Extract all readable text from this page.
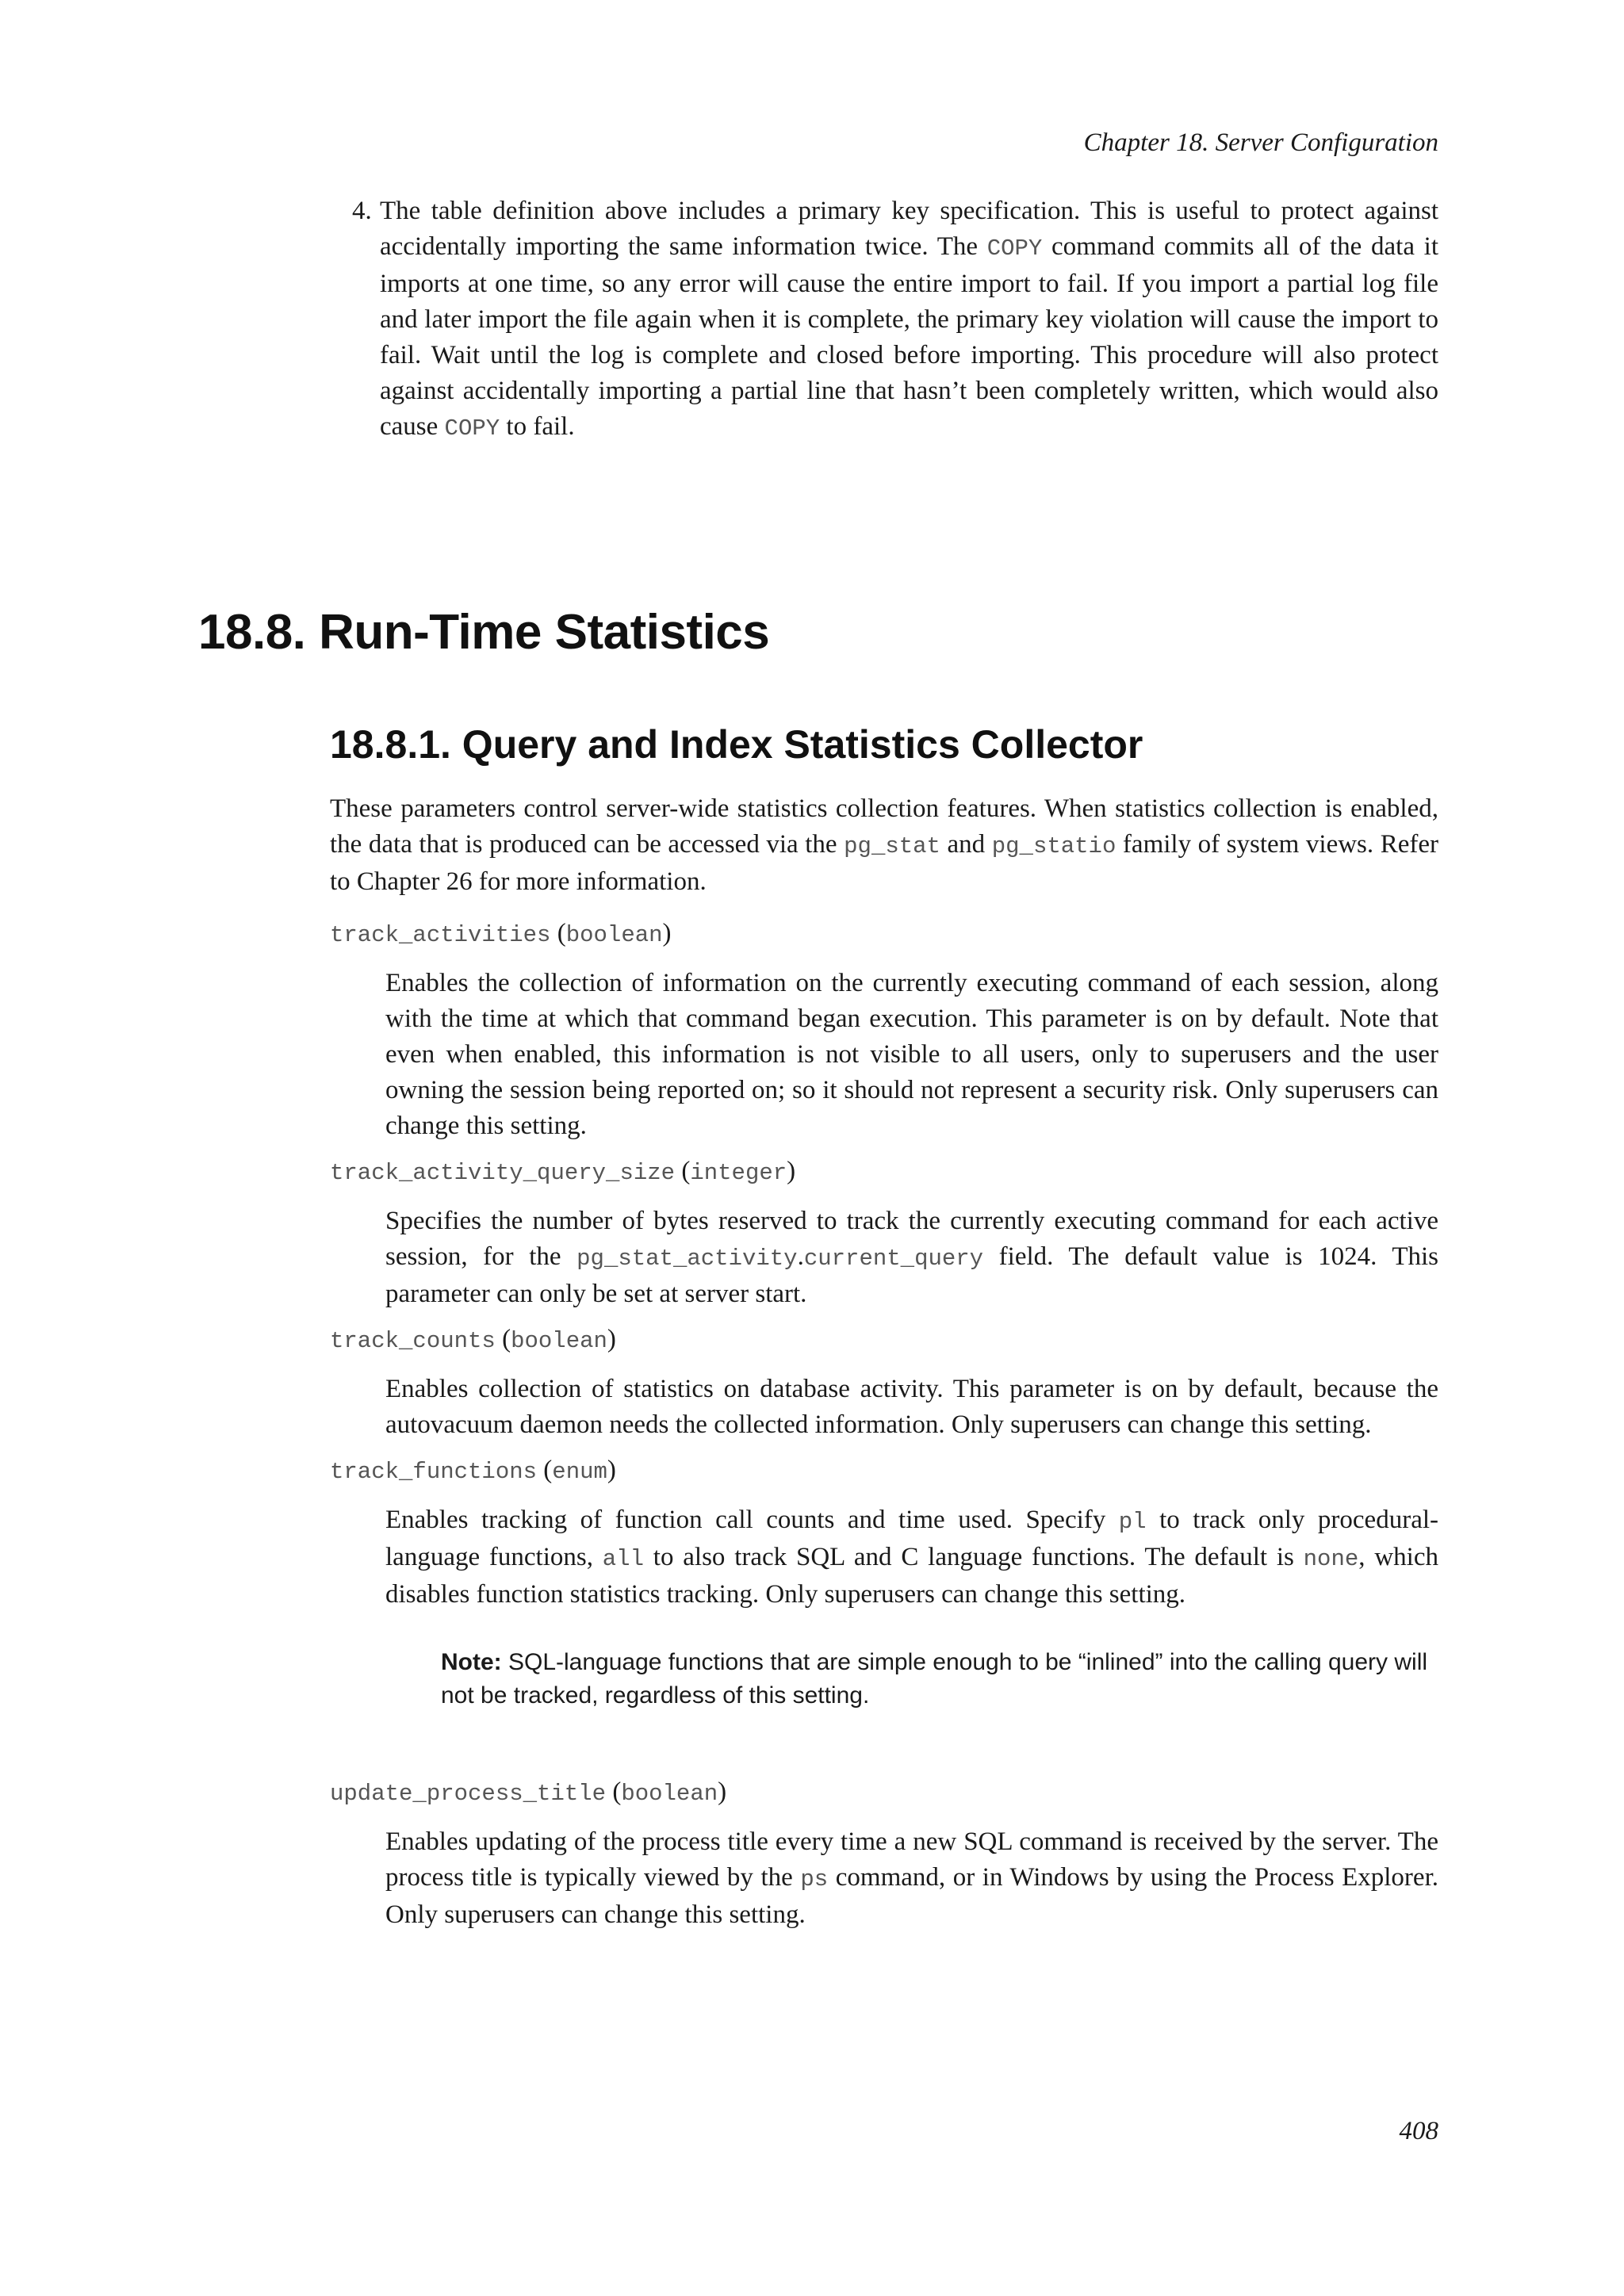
Chapter 18. Server Configuration
4. The table definition above includes a primary key specification. This is useful to protect against accidentally importing the same information twice. The COPY command commits all of the data it imports at one time, so any error will cause the entire import to fail. If you import a partial log file and later import the file again when it is complete, the primary key violation will cause the import to fail. Wait until the log is complete and closed before importing. This procedure will also protect against accidentally importing a partial line that hasn’t been completely written, which would also cause COPY to fail.
18.8. Run-Time Statistics
18.8.1. Query and Index Statistics Collector

These parameters control server-wide statistics collection features. When statistics collection is enabled, the data that is produced can be accessed via the pg_stat and pg_statio family of system views. Refer to Chapter 26 for more information.

track_activities (boolean)

Enables the collection of information on the currently executing command of each session, along with the time at which that command began execution. This parameter is on by default. Note that even when enabled, this information is not visible to all users, only to superusers and the user owning the session being reported on; so it should not represent a security risk. Only superusers can change this setting.

track_activity_query_size (integer)

Specifies the number of bytes reserved to track the currently executing command for each active session, for the pg_stat_activity.current_query field. The default value is 1024. This parameter can only be set at server start.

track_counts (boolean)

Enables collection of statistics on database activity. This parameter is on by default, because the autovacuum daemon needs the collected information. Only superusers can change this setting.

track_functions (enum)

Enables tracking of function call counts and time used. Specify pl to track only procedural-language functions, all to also track SQL and C language functions. The default is none, which disables function statistics tracking. Only superusers can change this setting.

Note: SQL-language functions that are simple enough to be “inlined” into the calling query will not be tracked, regardless of this setting.

update_process_title (boolean)

Enables updating of the process title every time a new SQL command is received by the server. The process title is typically viewed by the ps command, or in Windows by using the Process Explorer. Only superusers can change this setting.

408
